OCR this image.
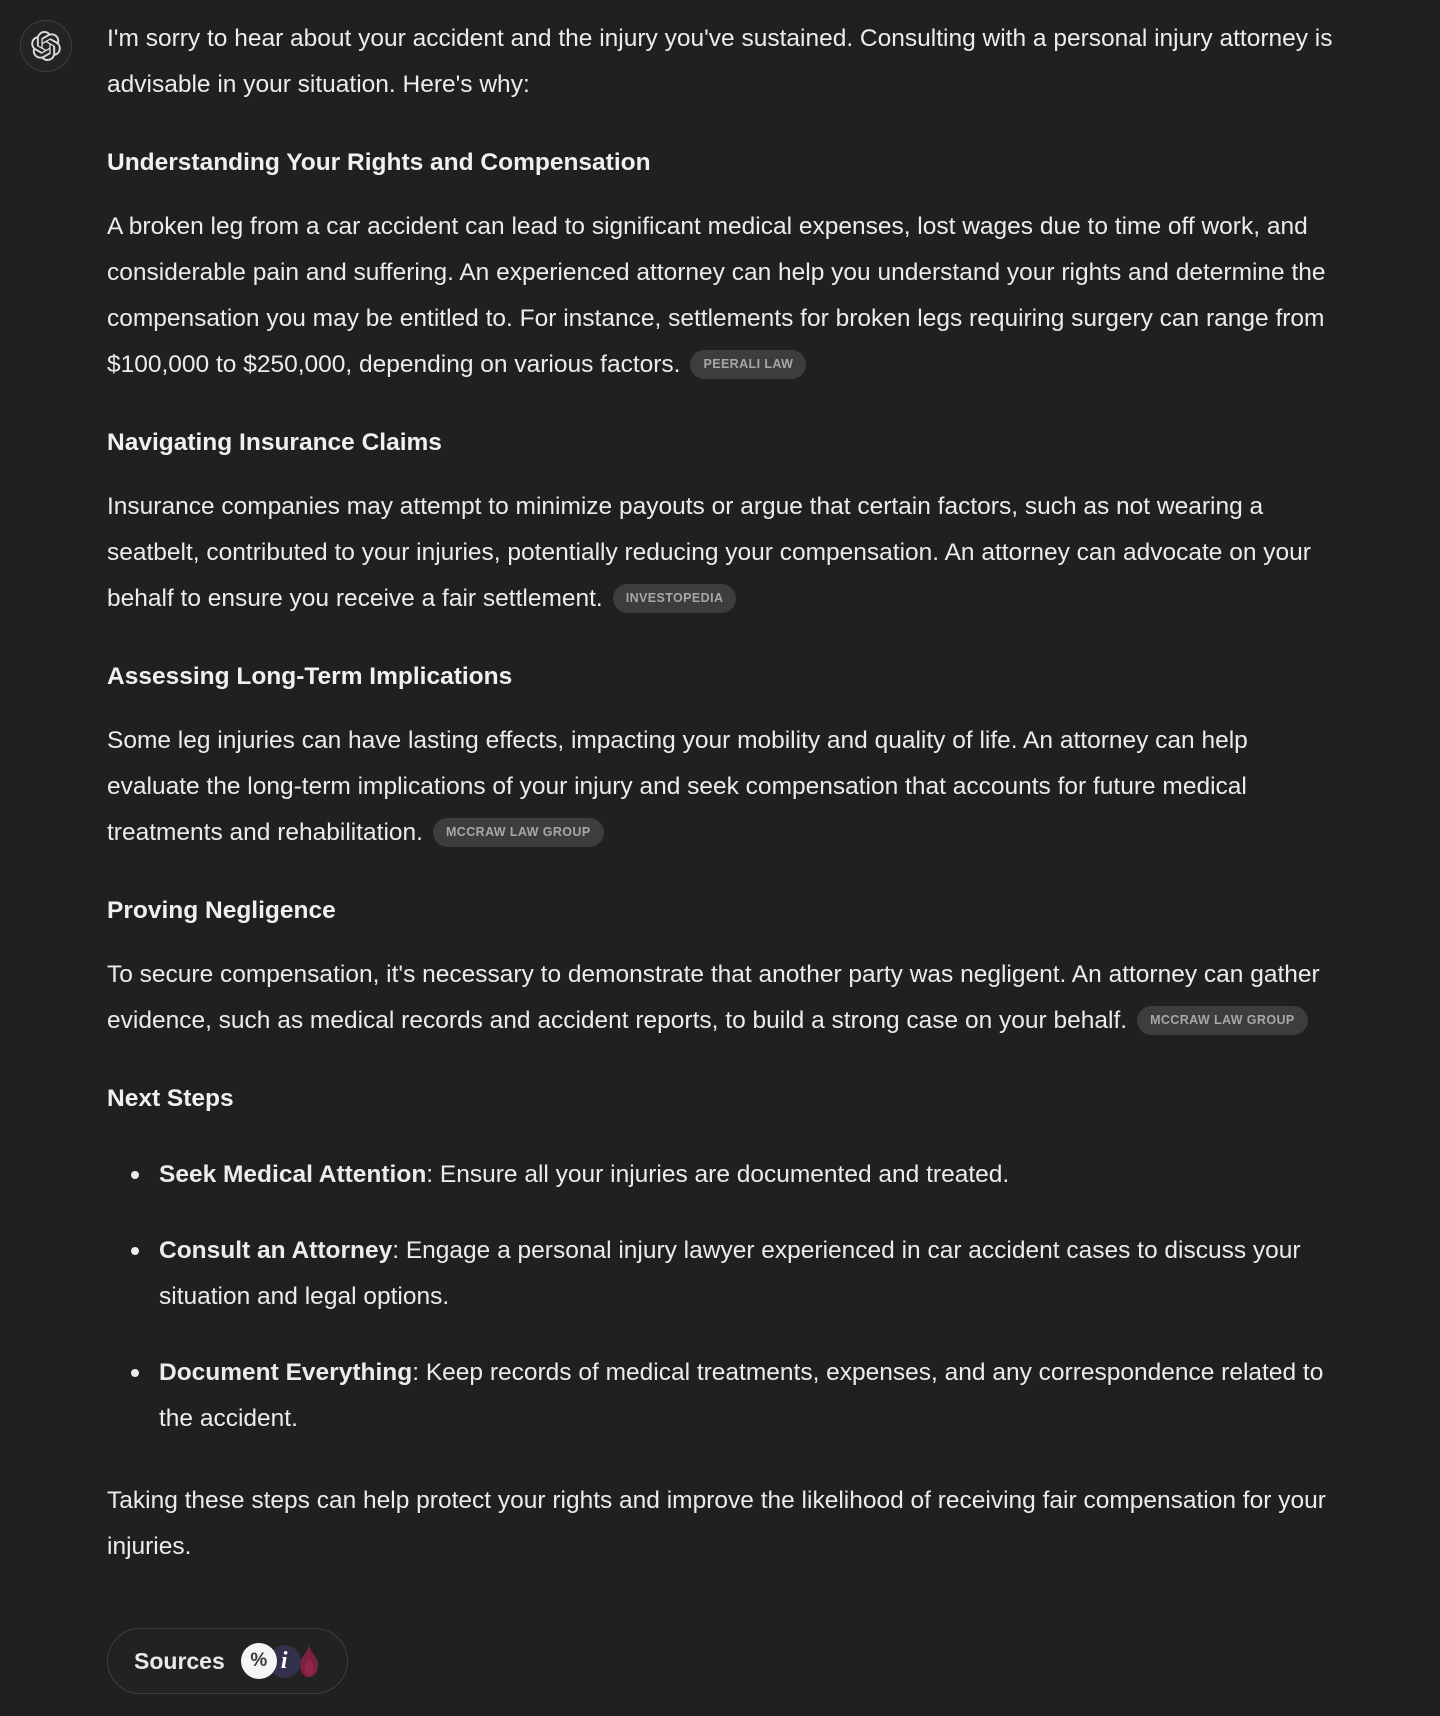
I'm sorry to hear about your accident and the injury you've sustained. Consulting with a personal injury attorney is advisable in your situation. Here's why:

Understanding Your Rights and Compensation

A broken leg from a car accident can lead to significant medical expenses, lost wages due to time off work, and considerable pain and suffering. An experienced attorney can help you understand your rights and determine the compensation you may be entitled to. For instance, settlements for broken legs requiring surgery can range from $100,000 to $250,000, depending on various factors. PEERALI LAW

Navigating Insurance Claims

Insurance companies may attempt to minimize payouts or argue that certain factors, such as not wearing a seatbelt, contributed to your injuries, potentially reducing your compensation. An attorney can advocate on your behalf to ensure you receive a fair settlement. INVESTOPEDIA

Assessing Long-Term Implications

Some leg injuries can have lasting effects, impacting your mobility and quality of life. An attorney can help evaluate the long-term implications of your injury and seek compensation that accounts for future medical treatments and rehabilitation. MCCRAW LAW GROUP

Proving Negligence

To secure compensation, it's necessary to demonstrate that another party was negligent. An attorney can gather evidence, such as medical records and accident reports, to build a strong case on your behalf. MCCRAW LAW GROUP

Next Steps
Seek Medical Attention: Ensure all your injuries are documented and treated.
Consult an Attorney: Engage a personal injury lawyer experienced in car accident cases to discuss your situation and legal options.
Document Everything: Keep records of medical treatments, expenses, and any correspondence related to the accident.

Taking these steps can help protect your rights and improve the likelihood of receiving fair compensation for your injuries.

Sources	% i
